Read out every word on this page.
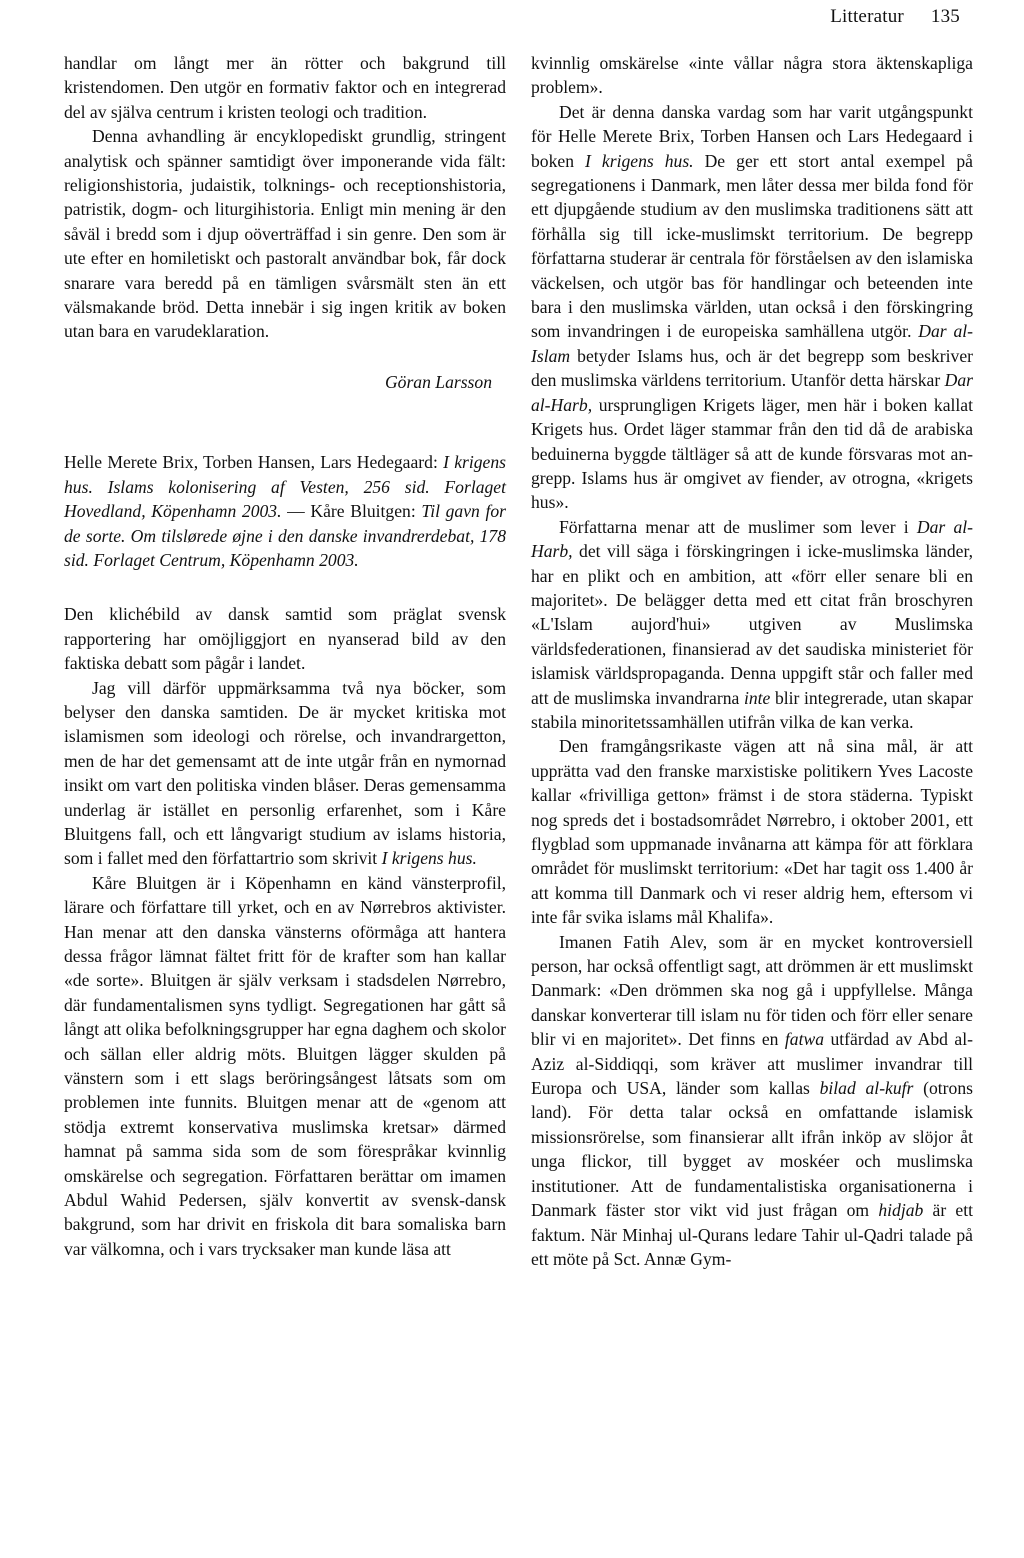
Litteratur 135

handlar om långt mer än rötter och bakgrund till kristendomen. Den utgör en formativ faktor och en integrerad del av själva centrum i kristen teologi och tradition.

Denna avhandling är encyklopediskt grundlig, stringent analytisk och spänner samtidigt över imponerande vida fält: religionshistoria, judaistik, tolknings- och receptionshistoria, patristik, dogm- och liturgihistoria. Enligt min mening är den såväl i bredd som i djup oöverträffad i sin genre. Den som är ute efter en homiletiskt och pastoralt användbar bok, får dock snarare vara beredd på en tämligen svårsmält sten än ett välsmakande bröd. Detta innebär i sig ingen kritik av boken utan bara en varudeklaration.

Göran Larsson

Helle Merete Brix, Torben Hansen, Lars Hedegaard: I krigens hus. Islams kolonisering af Vesten, 256 sid. Forlaget Hovedland, Köpenhamn 2003. — Kåre Bluitgen: Til gavn for de sorte. Om tilslørede øjne i den danske invandrerdebat, 178 sid. Forlaget Centrum, Köpenhamn 2003.

Den klichébild av dansk samtid som präglat svensk rapportering har omöjliggjort en nyanserad bild av den faktiska debatt som pågår i landet.

Jag vill därför uppmärksamma två nya böcker, som belyser den danska samtiden. De är mycket kritiska mot islamismen som ideologi och rörelse, och invandrargetton, men de har det gemensamt att de inte utgår från en nymornad insikt om vart den politiska vinden blåser. Deras gemensamma underlag är istället en personlig erfarenhet, som i Kåre Bluitgens fall, och ett långvarigt studium av islams historia, som i fallet med den författartrio som skrivit I krigens hus.

Kåre Bluitgen är i Köpenhamn en känd vänsterprofil, lärare och författare till yrket, och en av Nørrebros aktivister. Han menar att den danska vänsterns oförmåga att hantera dessa frågor lämnat fältet fritt för de krafter som han kallar «de sorte». Bluitgen är själv verksam i stadsdelen Nørrebro, där fundamentalismen syns tydligt. Segregationen har gått så långt att olika befolkningsgrupper har egna daghem och skolor och sällan eller aldrig möts. Bluitgen lägger skulden på vänstern som i ett slags beröringsångest låtsats som om problemen inte funnits. Bluitgen menar att de «genom att stödja extremt konservativa muslimska kretsar» därmed hamnat på samma sida som de som förespråkar kvinnlig omskärelse och segregation. Författaren berättar om imamen Abdul Wahid Pedersen, själv konvertit av svensk-dansk bakgrund, som har drivit en friskola dit bara somaliska barn var välkomna, och i vars trycksaker man kunde läsa att

kvinnlig omskärelse «inte vållar några stora äktenskapliga problem».

Det är denna danska vardag som har varit utgångspunkt för Helle Merete Brix, Torben Hansen och Lars Hedegaard i boken I krigens hus. De ger ett stort antal exempel på segregationens i Danmark, men låter dessa mer bilda fond för ett djupgående studium av den muslimska traditionens sätt att förhålla sig till icke-muslimskt territorium. De begrepp författarna studerar är centrala för förståelsen av den islamiska väckelsen, och utgör bas för handlingar och beteenden inte bara i den muslimska världen, utan också i den förskingring som invandringen i de europeiska samhällena utgör. Dar al-Islam betyder Islams hus, och är det begrepp som beskriver den muslimska världens territorium. Utanför detta härskar Dar al-Harb, ursprungligen Krigets läger, men här i boken kallat Krigets hus. Ordet läger stammar från den tid då de arabiska beduinerna byggde tältläger så att de kunde försvaras mot an-grepp. Islams hus är omgivet av fiender, av otrogna, «krigets hus».

Författarna menar att de muslimer som lever i Dar al-Harb, det vill säga i förskingringen i icke-muslimska länder, har en plikt och en ambition, att «förr eller senare bli en majoritet». De belägger detta med ett citat från broschyren «L'Islam aujord'hui» utgiven av Muslimska världsfederationen, finansierad av det saudiska ministeriet för islamisk världspropaganda. Denna uppgift står och faller med att de muslimska invandrarna inte blir integrerade, utan skapar stabila minoritetssamhällen utifrån vilka de kan verka.

Den framgångsrikaste vägen att nå sina mål, är att upprätta vad den franske marxistiske politikern Yves Lacoste kallar «frivilliga getton» främst i de stora städerna. Typiskt nog spreds det i bostadsområdet Nørrebro, i oktober 2001, ett flygblad som uppmanade invånarna att kämpa för att förklara området för muslimskt territorium: «Det har tagit oss 1.400 år att komma till Danmark och vi reser aldrig hem, eftersom vi inte får svika islams mål Khalifa».

Imanen Fatih Alev, som är en mycket kontroversiell person, har också offentligt sagt, att drömmen är ett muslimskt Danmark: «Den drömmen ska nog gå i uppfyllelse. Många danskar konverterar till islam nu för tiden och förr eller senare blir vi en majoritet». Det finns en fatwa utfärdad av Abd al-Aziz al-Siddiqqi, som kräver att muslimer invandrar till Europa och USA, länder som kallas bilad al-kufr (otrons land). För detta talar också en omfattande islamisk missionsrörelse, som finansierar allt ifrån inköp av slöjor åt unga flickor, till bygget av moskéer och muslimska institutioner. Att de fundamentalistiska organisationerna i Danmark fäster stor vikt vid just frågan om hidjab är ett faktum. När Minhaj ul-Qurans ledare Tahir ul-Qadri talade på ett möte på Sct. Annæ Gym-
